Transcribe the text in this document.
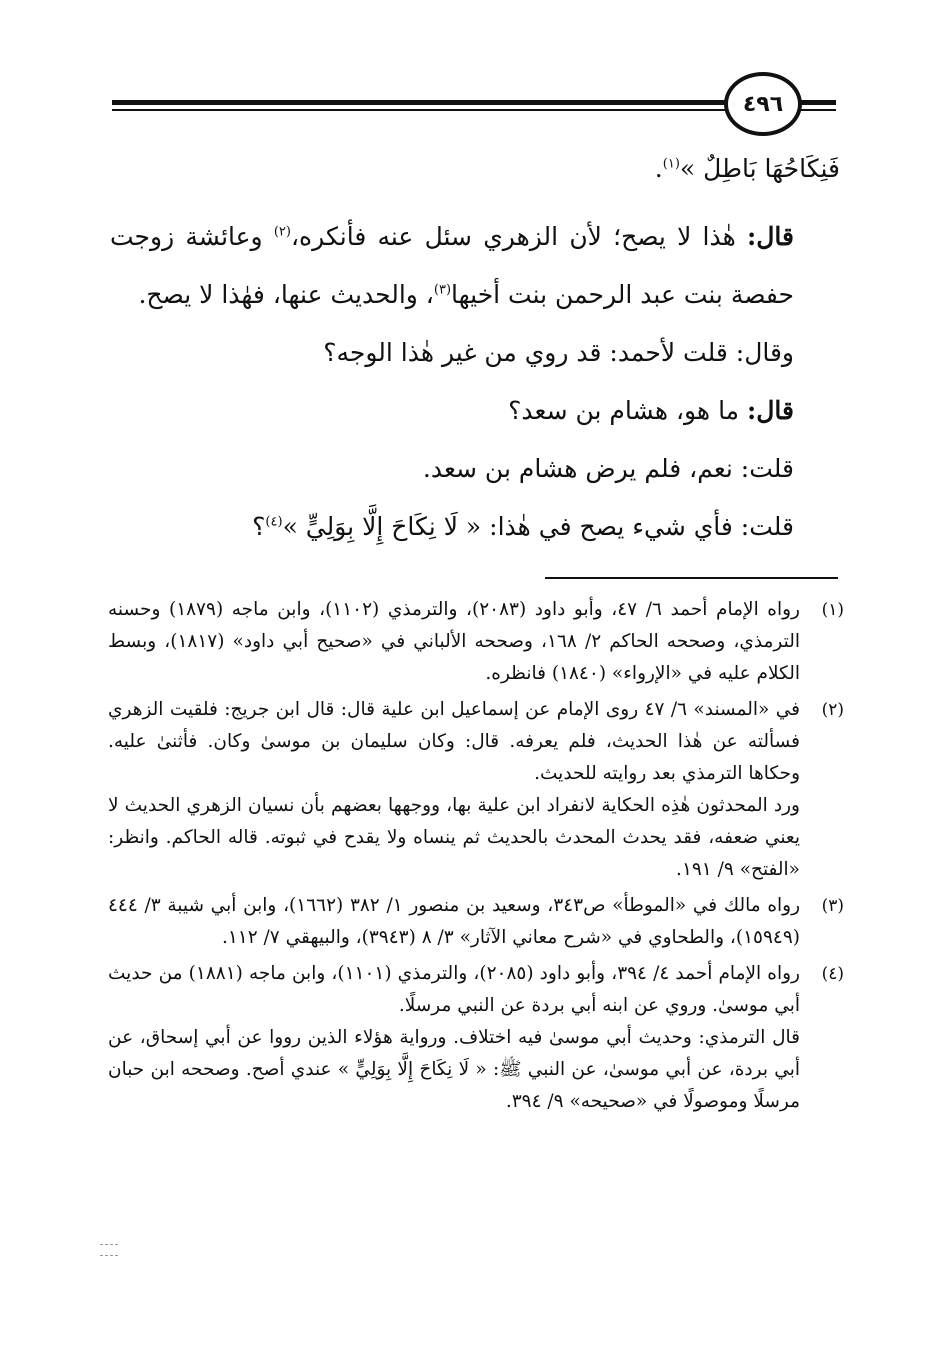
٤٩٦

فَنِكَاحُهَا بَاطِلٌ »$^{(١)}$.

قال: هٰذا لا يصح؛ لأن الزهري سئل عنه فأنكره،$^{(٢)}$ وعائشة زوجت حفصة بنت عبد الرحمن بنت أخيها$^{(٣)}$، والحديث عنها، فهٰذا لا يصح.

وقال: قلت لأحمد: قد روي من غير هٰذا الوجه؟

قال: ما هو، هشام بن سعد؟

قلت: نعم، فلم يرض هشام بن سعد.

قلت: فأي شيء يصح في هٰذا: « لَا نِكَاحَ إِلَّا بِوَلِيٍّ »$^{(٤)}$؟

(١)
رواه الإمام أحمد ٦/ ٤٧، وأبو داود (٢٠٨٣)، والترمذي (١١٠٢)، وابن ماجه (١٨٧٩) وحسنه الترمذي، وصححه الحاكم ٢/ ١٦٨، وصححه الألباني في «صحيح أبي داود» (١٨١٧)، وبسط الكلام عليه في «الإرواء» (١٨٤٠) فانظره.
(٢)
في «المسند» ٦/ ٤٧ روى الإمام عن إسماعيل ابن علية قال: قال ابن جريج: فلقيت الزهري فسألته عن هٰذا الحديث، فلم يعرفه. قال: وكان سليمان بن موسىٰ وكان. فأثنىٰ عليه. وحكاها الترمذي بعد روايته للحديث.
ورد المحدثون هٰذِه الحكاية لانفراد ابن علية بها، ووجهها بعضهم بأن نسيان الزهري الحديث لا يعني ضعفه، فقد يحدث المحدث بالحديث ثم ينساه ولا يقدح في ثبوته. قاله الحاكم. وانظر: «الفتح» ٩/ ١٩١.
(٣)
رواه مالك في «الموطأ» ص٣٤٣، وسعيد بن منصور ١/ ٣٨٢ (١٦٦٢)، وابن أبي شيبة ٣/ ٤٤٤ (١٥٩٤٩)، والطحاوي في «شرح معاني الآثار» ٣/ ٨ (٣٩٤٣)، والبيهقي ٧/ ١١٢.
(٤)
رواه الإمام أحمد ٤/ ٣٩٤، وأبو داود (٢٠٨٥)، والترمذي (١١٠١)، وابن ماجه (١٨٨١) من حديث أبي موسىٰ. وروي عن ابنه أبي بردة عن النبي مرسلًا.
قال الترمذي: وحديث أبي موسىٰ فيه اختلاف. ورواية هؤلاء الذين رووا عن أبي إسحاق، عن أبي بردة، عن أبي موسىٰ، عن النبي ﷺ: « لَا نِكَاحَ إِلَّا بِوَلِيٍّ » عندي أصح. وصححه ابن حبان مرسلًا وموصولًا في «صحيحه» ٩/ ٣٩٤.
